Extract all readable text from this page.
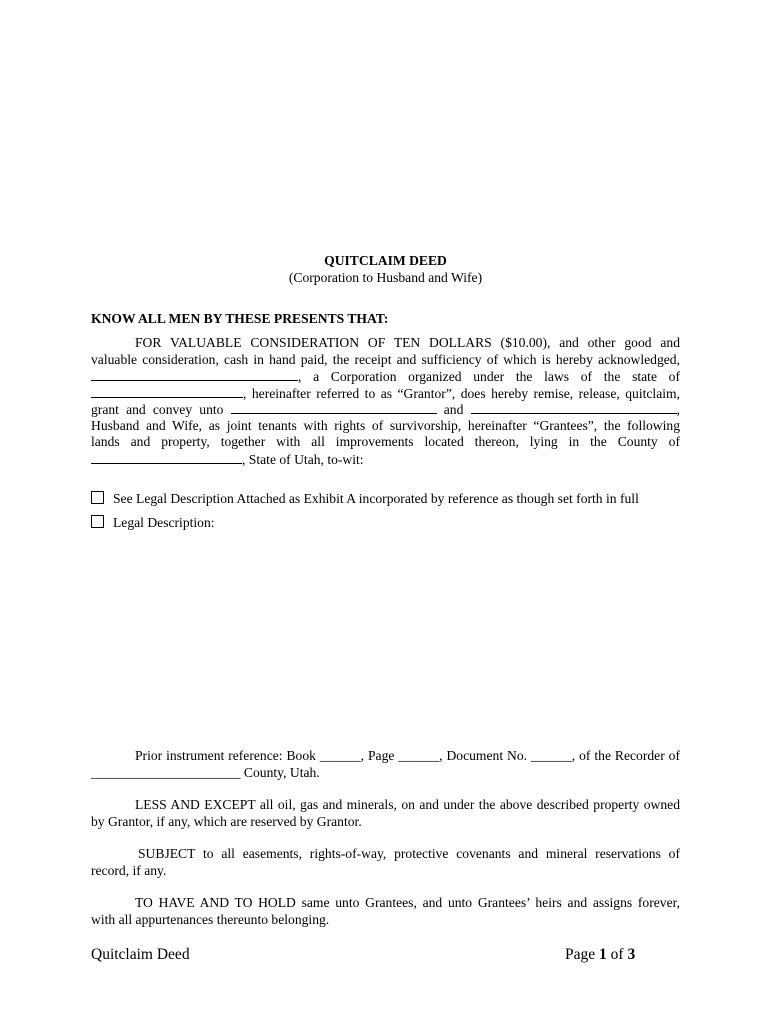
QUITCLAIM DEED
(Corporation to Husband and Wife)
KNOW ALL MEN BY THESE PRESENTS THAT:
FOR VALUABLE CONSIDERATION OF TEN DOLLARS ($10.00), and other good and
valuable consideration, cash in hand paid, the receipt and sufficiency of which is hereby acknowledged,
, a Corporation organized under the laws of the state of
, hereinafter referred to as “Grantor”, does hereby remise, release, quitclaim,
grant and convey unto	and	,
Husband and Wife, as joint tenants with rights of survivorship, hereinafter “Grantees”, the following
lands and property, together with all improvements located thereon, lying in the County of
, State of Utah, to-wit:
See Legal Description Attached as Exhibit A incorporated by reference as though set forth in full
Legal Description:
Prior instrument reference: Book ______, Page ______, Document No. ______, of the Recorder of
______________________ County, Utah.
LESS AND EXCEPT all oil, gas and minerals, on and under the above described property owned
by Grantor, if any, which are reserved by Grantor.
SUBJECT to all easements, rights-of-way, protective covenants and mineral reservations of
record, if any.
TO HAVE AND TO HOLD same unto Grantees, and unto Grantees’ heirs and assigns forever,
with all appurtenances thereunto belonging.
Quitclaim Deed	Page 1 of 3
